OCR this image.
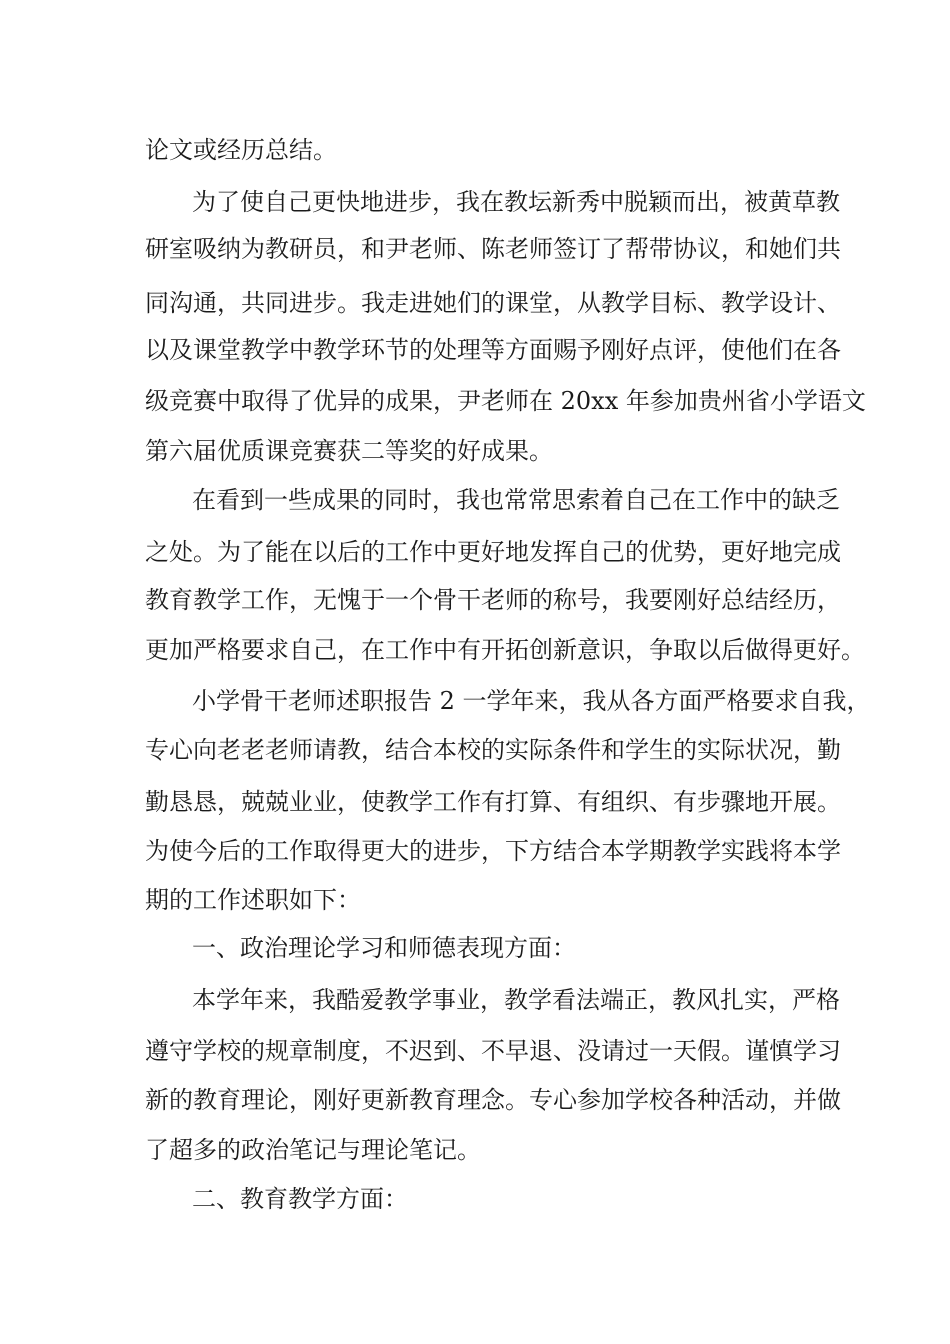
论文或经历总结。

为了使自己更快地进步，我在教坛新秀中脱颖而出，被黄草教

研室吸纳为教研员，和尹老师、陈老师签订了帮带协议，和她们共

同沟通，共同进步。我走进她们的课堂，从教学目标、教学设计、

以及课堂教学中教学环节的处理等方面赐予刚好点评，使他们在各

级竞赛中取得了优异的成果，尹老师在 20xx 年参加贵州省小学语文

第六届优质课竞赛获二等奖的好成果。

在看到一些成果的同时，我也常常思索着自己在工作中的缺乏

之处。为了能在以后的工作中更好地发挥自己的优势，更好地完成

教育教学工作，无愧于一个骨干老师的称号，我要刚好总结经历，

更加严格要求自己，在工作中有开拓创新意识，争取以后做得更好。

小学骨干老师述职报告 2 一学年来，我从各方面严格要求自我，

专心向老老老师请教，结合本校的实际条件和学生的实际状况，勤

勤恳恳，兢兢业业，使教学工作有打算、有组织、有步骤地开展。

为使今后的工作取得更大的进步，下方结合本学期教学实践将本学

期的工作述职如下：

一、政治理论学习和师德表现方面：

本学年来，我酷爱教学事业，教学看法端正，教风扎实，严格

遵守学校的规章制度，不迟到、不早退、没请过一天假。谨慎学习

新的教育理论，刚好更新教育理念。专心参加学校各种活动，并做

了超多的政治笔记与理论笔记。

二、教育教学方面：
